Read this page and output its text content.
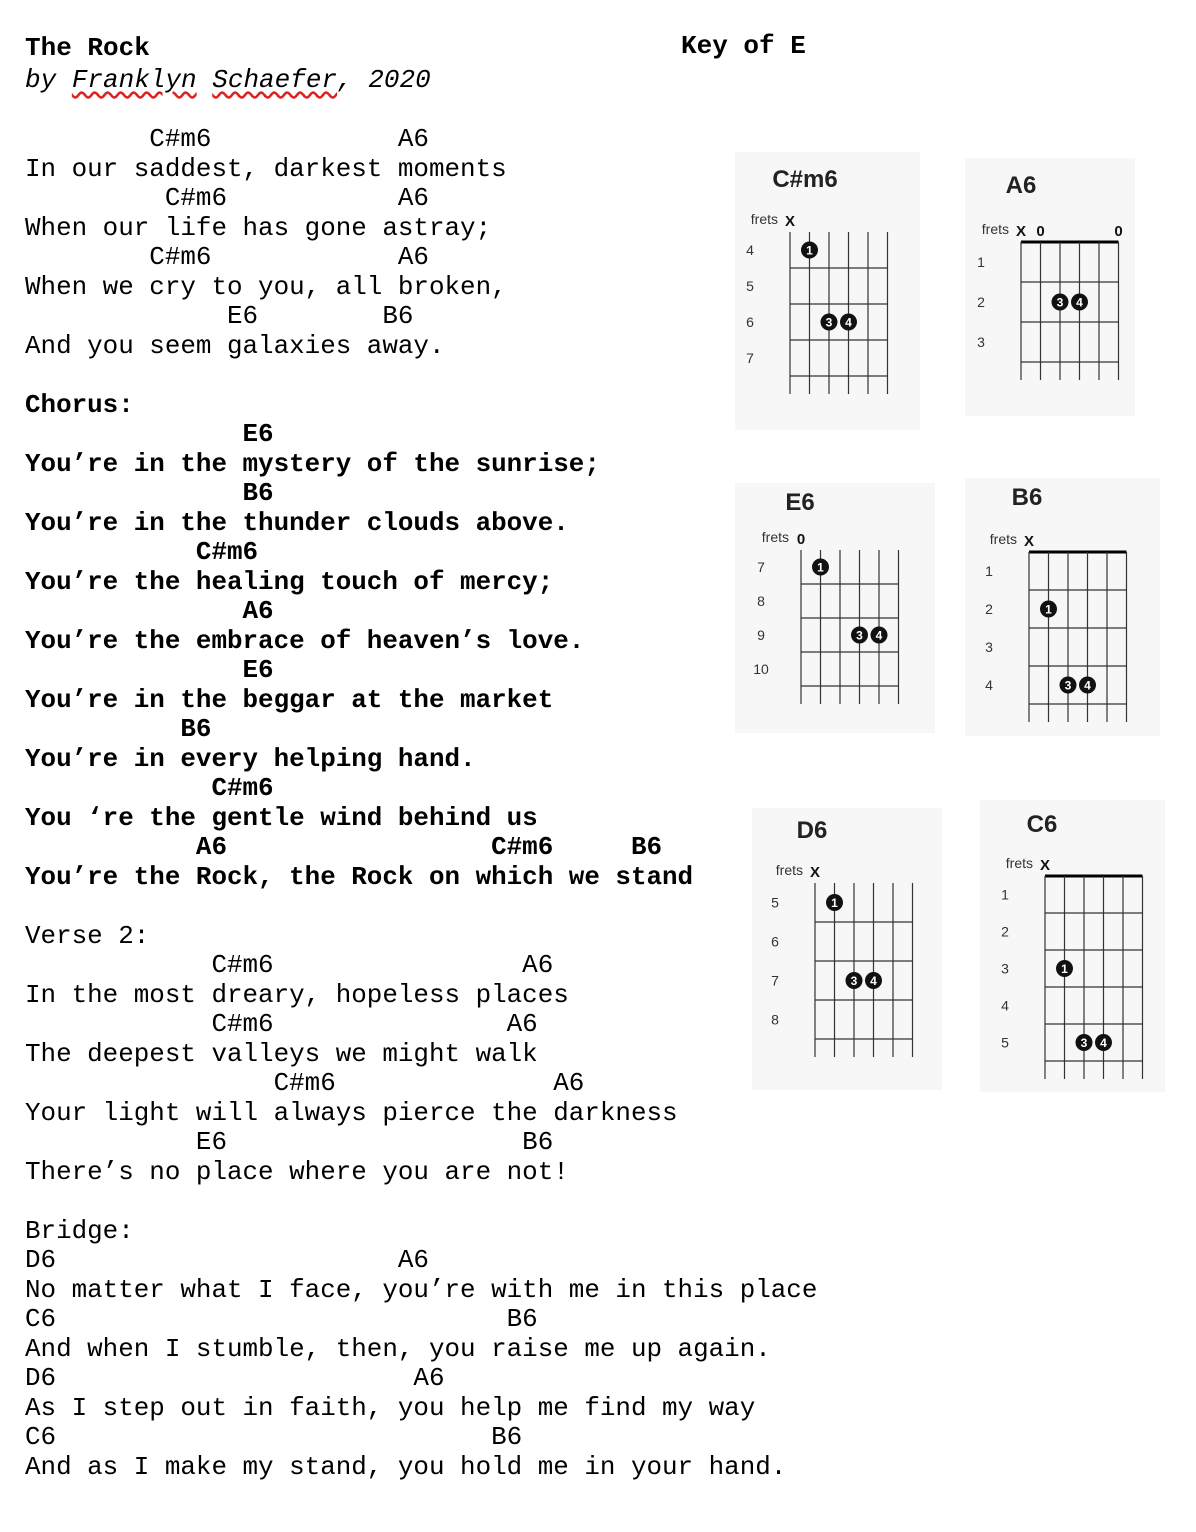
The Rock
by Franklyn Schaefer, 2020
Key of E
C#m6            A6
In our saddest, darkest moments
C#m6           A6
When our life has gone astray;
C#m6            A6
When we cry to you, all broken,
E6        B6
And you seem galaxies away.
Chorus:
E6
You’re in the mystery of the sunrise;
B6
You’re in the thunder clouds above.
C#m6
You’re the healing touch of mercy;
A6
You’re the embrace of heaven’s love.
E6
You’re in the beggar at the market
B6
You’re in every helping hand.
C#m6
You ‘re the gentle wind behind us
A6                 C#m6     B6
You’re the Rock, the Rock on which we stand
Verse 2:
C#m6                A6
In the most dreary, hopeless places
C#m6               A6
The deepest valleys we might walk
C#m6              A6
Your light will always pierce the darkness
E6                   B6
There’s no place where you are not!
Bridge:
D6                      A6
No matter what I face, you’re with me in this place
C6                             B6
And when I stumble, then, you raise me up again.
D6                       A6
As I step out in faith, you help me find my way
C6                            B6
And as I make my stand, you hold me in your hand.
C#m6
frets X
4
5
6
7
1
3 4
A6
frets X 0	0
1
2
3
3 4
E6
frets 0
7
8
9
10
1
3 4
B6
frets X
1
2
3
4
1
3 4
D6
frets X
5
6
7
8
1
3 4
C6
frets X
1
2
3
4
5
1
3 4
